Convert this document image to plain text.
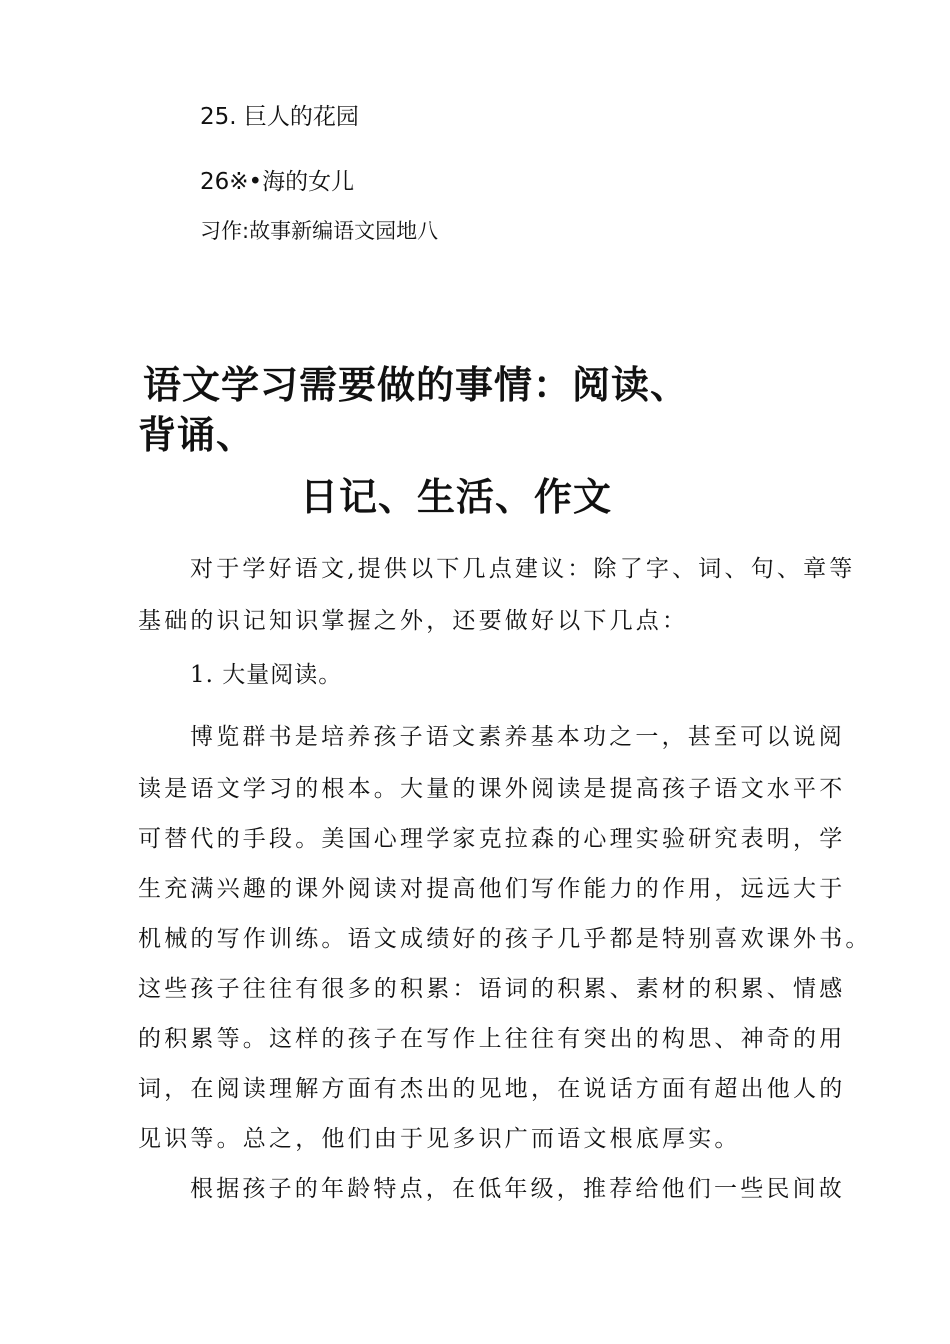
25. 巨人的花园
26※•海的女儿
习作:故事新编语文园地八
语文学习需要做的事情：阅读、
背诵、
日记、生活、作文
对于学好语文,提供以下几点建议：除了字、词、句、章等
基础的识记知识掌握之外，还要做好以下几点：
1. 大量阅读。
博览群书是培养孩子语文素养基本功之一，甚至可以说阅
读是语文学习的根本。大量的课外阅读是提高孩子语文水平不
可替代的手段。美国心理学家克拉森的心理实验研究表明，学
生充满兴趣的课外阅读对提高他们写作能力的作用，远远大于
机械的写作训练。语文成绩好的孩子几乎都是特别喜欢课外书。
这些孩子往往有很多的积累：语词的积累、素材的积累、情感
的积累等。这样的孩子在写作上往往有突出的构思、神奇的用
词，在阅读理解方面有杰出的见地，在说话方面有超出他人的
见识等。总之，他们由于见多识广而语文根底厚实。
根据孩子的年龄特点，在低年级，推荐给他们一些民间故
